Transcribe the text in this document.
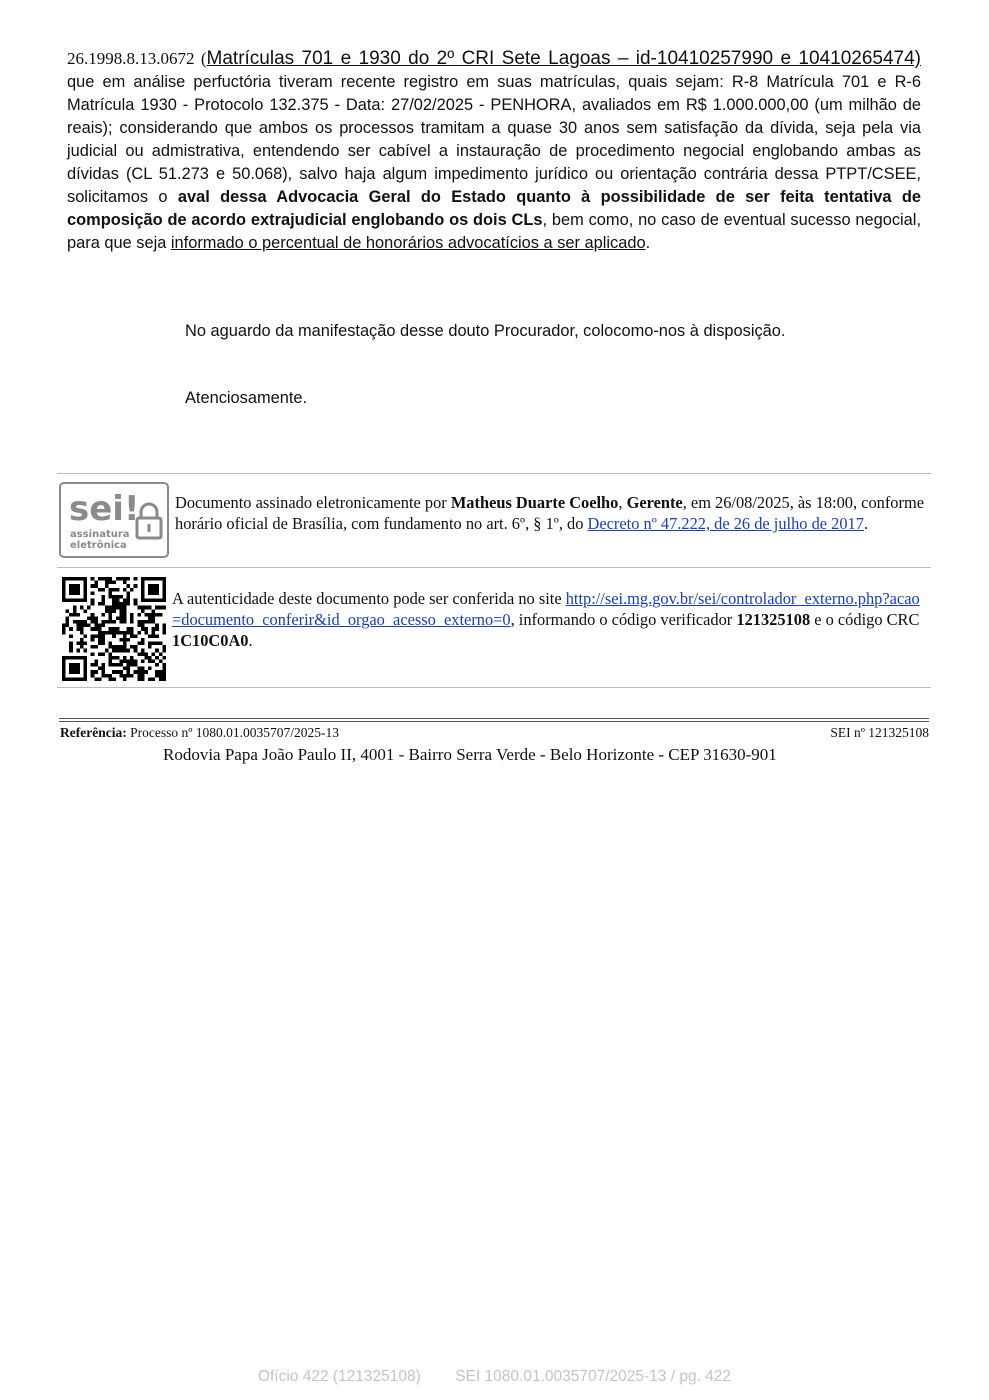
26.1998.8.13.0672 (Matrículas 701 e 1930 do 2º CRI Sete Lagoas – id-10410257990 e 10410265474) que em análise perfuctória tiveram recente registro em suas matrículas, quais sejam: R-8 Matrícula 701 e R-6 Matrícula 1930 - Protocolo 132.375 - Data: 27/02/2025 - PENHORA, avaliados em R$ 1.000.000,00 (um milhão de reais); considerando que ambos os processos tramitam a quase 30 anos sem satisfação da dívida, seja pela via judicial ou admistrativa, entendendo ser cabível a instauração de procedimento negocial englobando ambas as dívidas (CL 51.273 e 50.068), salvo haja algum impedimento jurídico ou orientação contrária dessa PTPT/CSEE, solicitamos o aval dessa Advocacia Geral do Estado quanto à possibilidade de ser feita tentativa de composição de acordo extrajudicial englobando os dois CLs, bem como, no caso de eventual sucesso negocial, para que seja informado o percentual de honorários advocatícios a ser aplicado.
No aguardo da manifestação desse douto Procurador, colocomo-nos à disposição.
Atenciosamente.
sei!
assinatura
eletrônica
Documento assinado eletronicamente por Matheus Duarte Coelho, Gerente, em 26/08/2025, às 18:00, conforme horário oficial de Brasília, com fundamento no art. 6º, § 1º, do Decreto nº 47.222, de 26 de julho de 2017.
A autenticidade deste documento pode ser conferida no site http://sei.mg.gov.br/sei/controlador_externo.php?acao=documento_conferir&id_orgao_acesso_externo=0, informando o código verificador 121325108 e o código CRC 1C10C0A0.
Referência: Processo nº 1080.01.0035707/2025-13	SEI nº 121325108
Rodovia Papa João Paulo II, 4001 - Bairro Serra Verde - Belo Horizonte - CEP 31630-901
Ofício 422 (121325108)        SEI 1080.01.0035707/2025-13 / pg. 422
